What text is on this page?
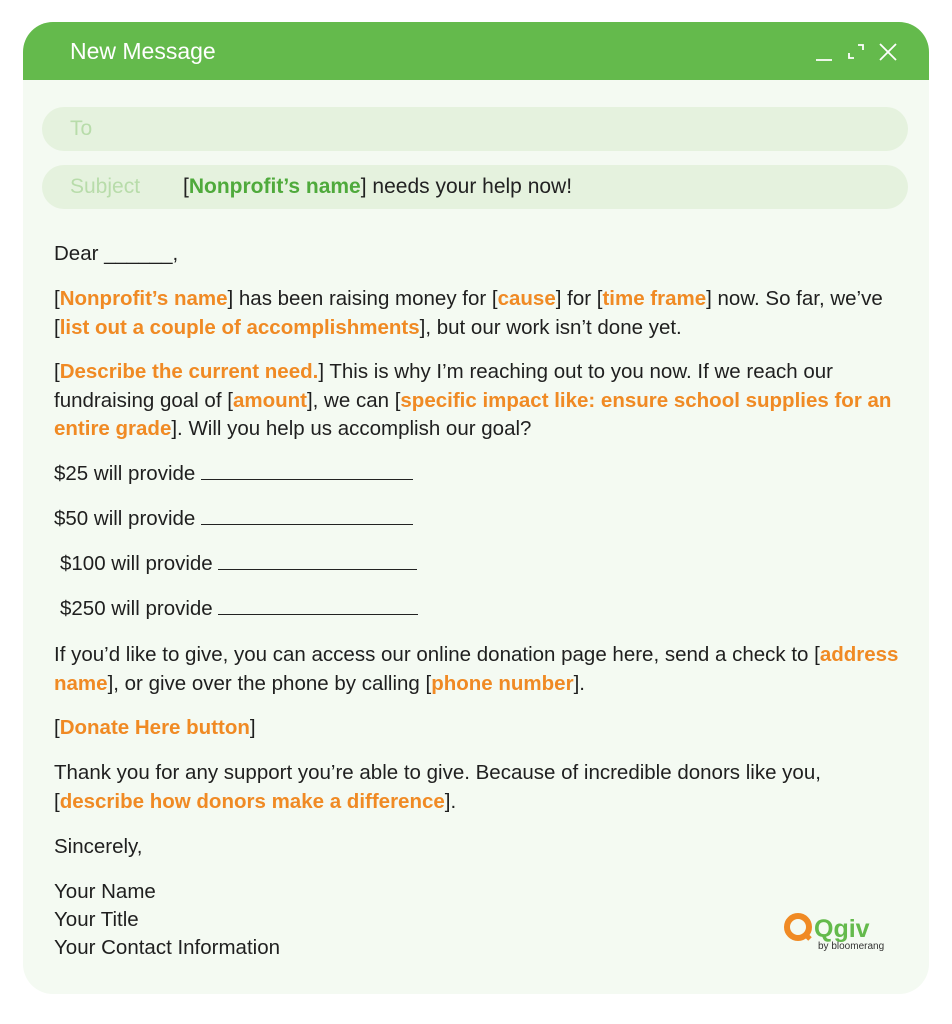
New Message
To
Subject [Nonprofit’s name] needs your help now!

Dear ______,

[Nonprofit’s name] has been raising money for [cause] for [time frame] now. So far, we’ve [list out a couple of accomplishments], but our work isn’t done yet.

[Describe the current need.] This is why I’m reaching out to you now. If we reach our fundraising goal of [amount], we can [specific impact like: ensure school supplies for an entire grade]. Will you help us accomplish our goal?

$25 will provide

$50 will provide

$100 will provide

$250 will provide

If you’d like to give, you can access our online donation page here, send a check to [address name], or give over the phone by calling [phone number].

[Donate Here button]

Thank you for any support you’re able to give. Because of incredible donors like you, [describe how donors make a difference].

Sincerely,

Your Name

Your Title

Your Contact Information

Qgiv
by bloomerang
